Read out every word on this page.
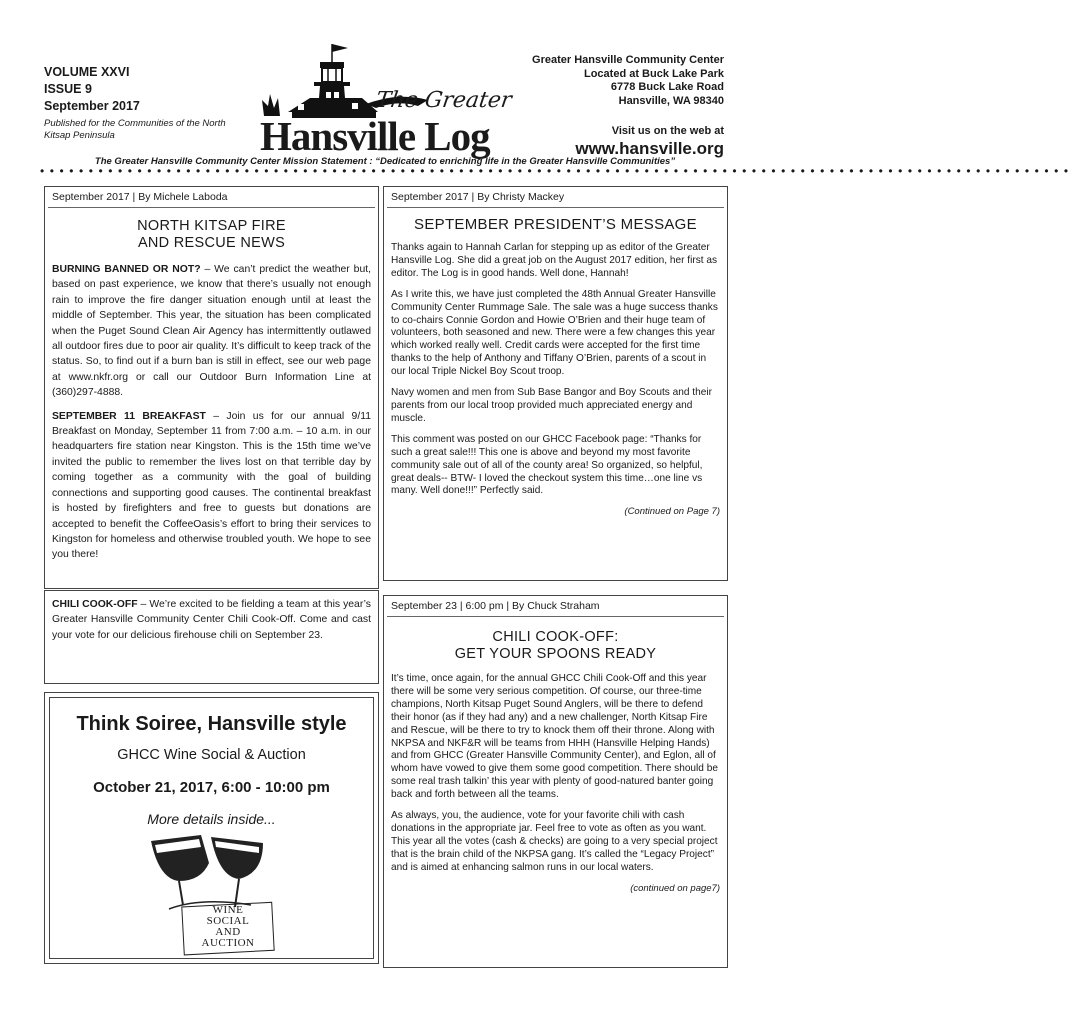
VOLUME XXVI
ISSUE 9
September 2017
Published for the Communities of the North Kitsap Peninsula
The Greater
Hansville Log
Greater Hansville Community Center
Located at Buck Lake Park
6778 Buck Lake Road
Hansville, WA 98340
Visit us on the web at
www.hansville.org
The Greater Hansville Community Center Mission Statement : “Dedicated to enriching life in the Greater Hansville Communities”
••••••••••••••••••••••••••••••••••••••••••••••••••••••••••••••••••••••••••••••••••••••••••••••••••••••••••
September 2017 | By Michele Laboda
NORTH KITSAP FIRE
AND RESCUE NEWS

BURNING BANNED OR NOT? – We can’t predict the weather but, based on past experience, we know that there’s usually not enough rain to improve the fire danger situation enough until at least the middle of September. This year, the situation has been complicated when the Puget Sound Clean Air Agency has intermittently outlawed all outdoor fires due to poor air quality. It’s difficult to keep track of the status. So, to find out if a burn ban is still in effect, see our web page at www.nkfr.org or call our Outdoor Burn Information Line at (360)297-4888.

SEPTEMBER 11 BREAKFAST – Join us for our annual 9/11 Breakfast on Monday, September 11 from 7:00 a.m. – 10 a.m. in our headquarters fire station near Kingston. This is the 15th time we’ve invited the public to remember the lives lost on that terrible day by coming together as a community with the goal of building connections and supporting good causes. The continental breakfast is hosted by firefighters and free to guests but donations are accepted to benefit the CoffeeOasis’s effort to bring their services to Kingston for homeless and otherwise troubled youth. We hope to see you there!

CHILI COOK-OFF – We’re excited to be fielding a team at this year’s Greater Hansville Community Center Chili Cook-Off. Come and cast your vote for our delicious firehouse chili on September 23.

Think Soiree, Hansville style
GHCC Wine Social & Auction
October 21, 2017, 6:00 - 10:00 pm
More details inside...
WINE
SOCIAL
AND
AUCTION
September 2017 | By Christy Mackey
SEPTEMBER PRESIDENT’S MESSAGE

Thanks again to Hannah Carlan for stepping up as editor of the Greater Hansville Log. She did a great job on the August 2017 edition, her first as editor. The Log is in good hands. Well done, Hannah!

As I write this, we have just completed the 48th Annual Greater Hansville Community Center Rummage Sale. The sale was a huge success thanks to co-chairs Connie Gordon and Howie O’Brien and their huge team of volunteers, both seasoned and new. There were a few changes this year which worked really well. Credit cards were accepted for the first time thanks to the help of Anthony and Tiffany O’Brien, parents of a scout in our local Triple Nickel Boy Scout troop.

Navy women and men from Sub Base Bangor and Boy Scouts and their parents from our local troop provided much appreciated energy and muscle.

This comment was posted on our GHCC Facebook page: “Thanks for such a great sale!!! This one is above and beyond my most favorite community sale out of all of the county area! So organized, so helpful, great deals-- BTW- I loved the checkout system this time…one line vs many. Well done!!!” Perfectly said.

(Continued on Page 7)
September 23 | 6:00 pm | By Chuck Straham
CHILI COOK-OFF:
GET YOUR SPOONS READY

It’s time, once again, for the annual GHCC Chili Cook-Off and this year there will be some very serious competition. Of course, our three-time champions, North Kitsap Puget Sound Anglers, will be there to defend their honor (as if they had any) and a new challenger, North Kitsap Fire and Rescue, will be there to try to knock them off their throne. Along with NKPSA and NKF&R will be teams from HHH (Hansville Helping Hands) and from GHCC (Greater Hansville Community Center), and Eglon, all of whom have vowed to give them some good competition. There should be some real trash talkin’ this year with plenty of good-natured banter going back and forth between all the teams.

As always, you, the audience, vote for your favorite chili with cash donations in the appropriate jar. Feel free to vote as often as you want. This year all the votes (cash & checks) are going to a very special project that is the brain child of the NKPSA gang. It’s called the “Legacy Project” and is aimed at enhancing salmon runs in our local waters.

(continued on page7)
